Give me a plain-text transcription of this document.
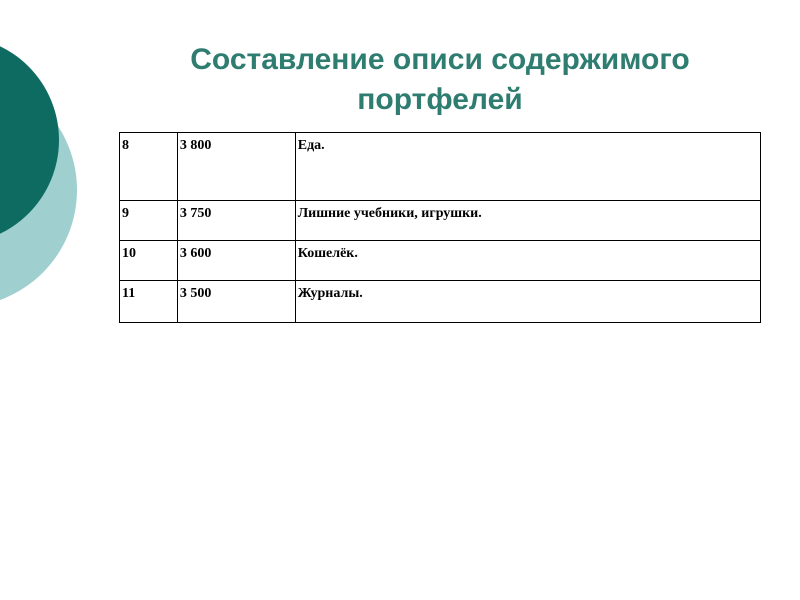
Составление описи содержимого портфелей
8	3 800	Еда.
9	3 750	Лишние учебники, игрушки.
10	3 600	Кошелёк.
11	3 500	Журналы.
